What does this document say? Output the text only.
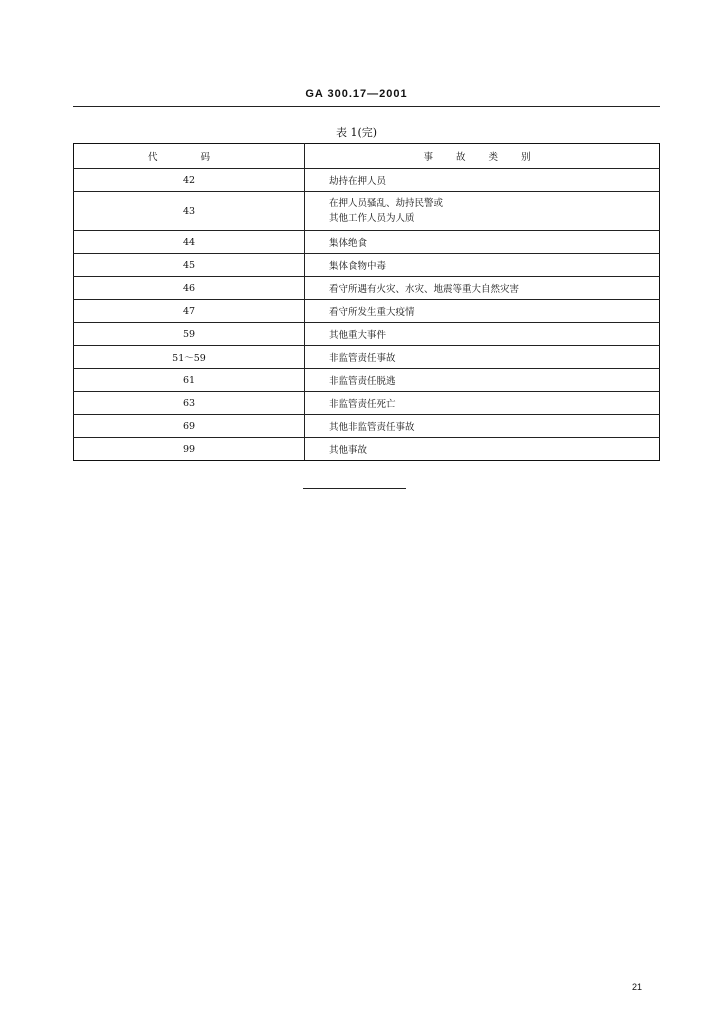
GA 300.17—2001
表 1(完)
代 码	事 故 类 别
42	劫持在押人员
43	在押人员骚乱、劫持民警或
其他工作人员为人质

44	集体绝食
45	集体食物中毒
46	看守所遇有火灾、水灾、地震等重大自然灾害
47	看守所发生重大疫情
59	其他重大事件
51～59	非监管责任事故
61	非监管责任脱逃
63	非监管责任死亡
69	其他非监管责任事故
99	其他事故
21
